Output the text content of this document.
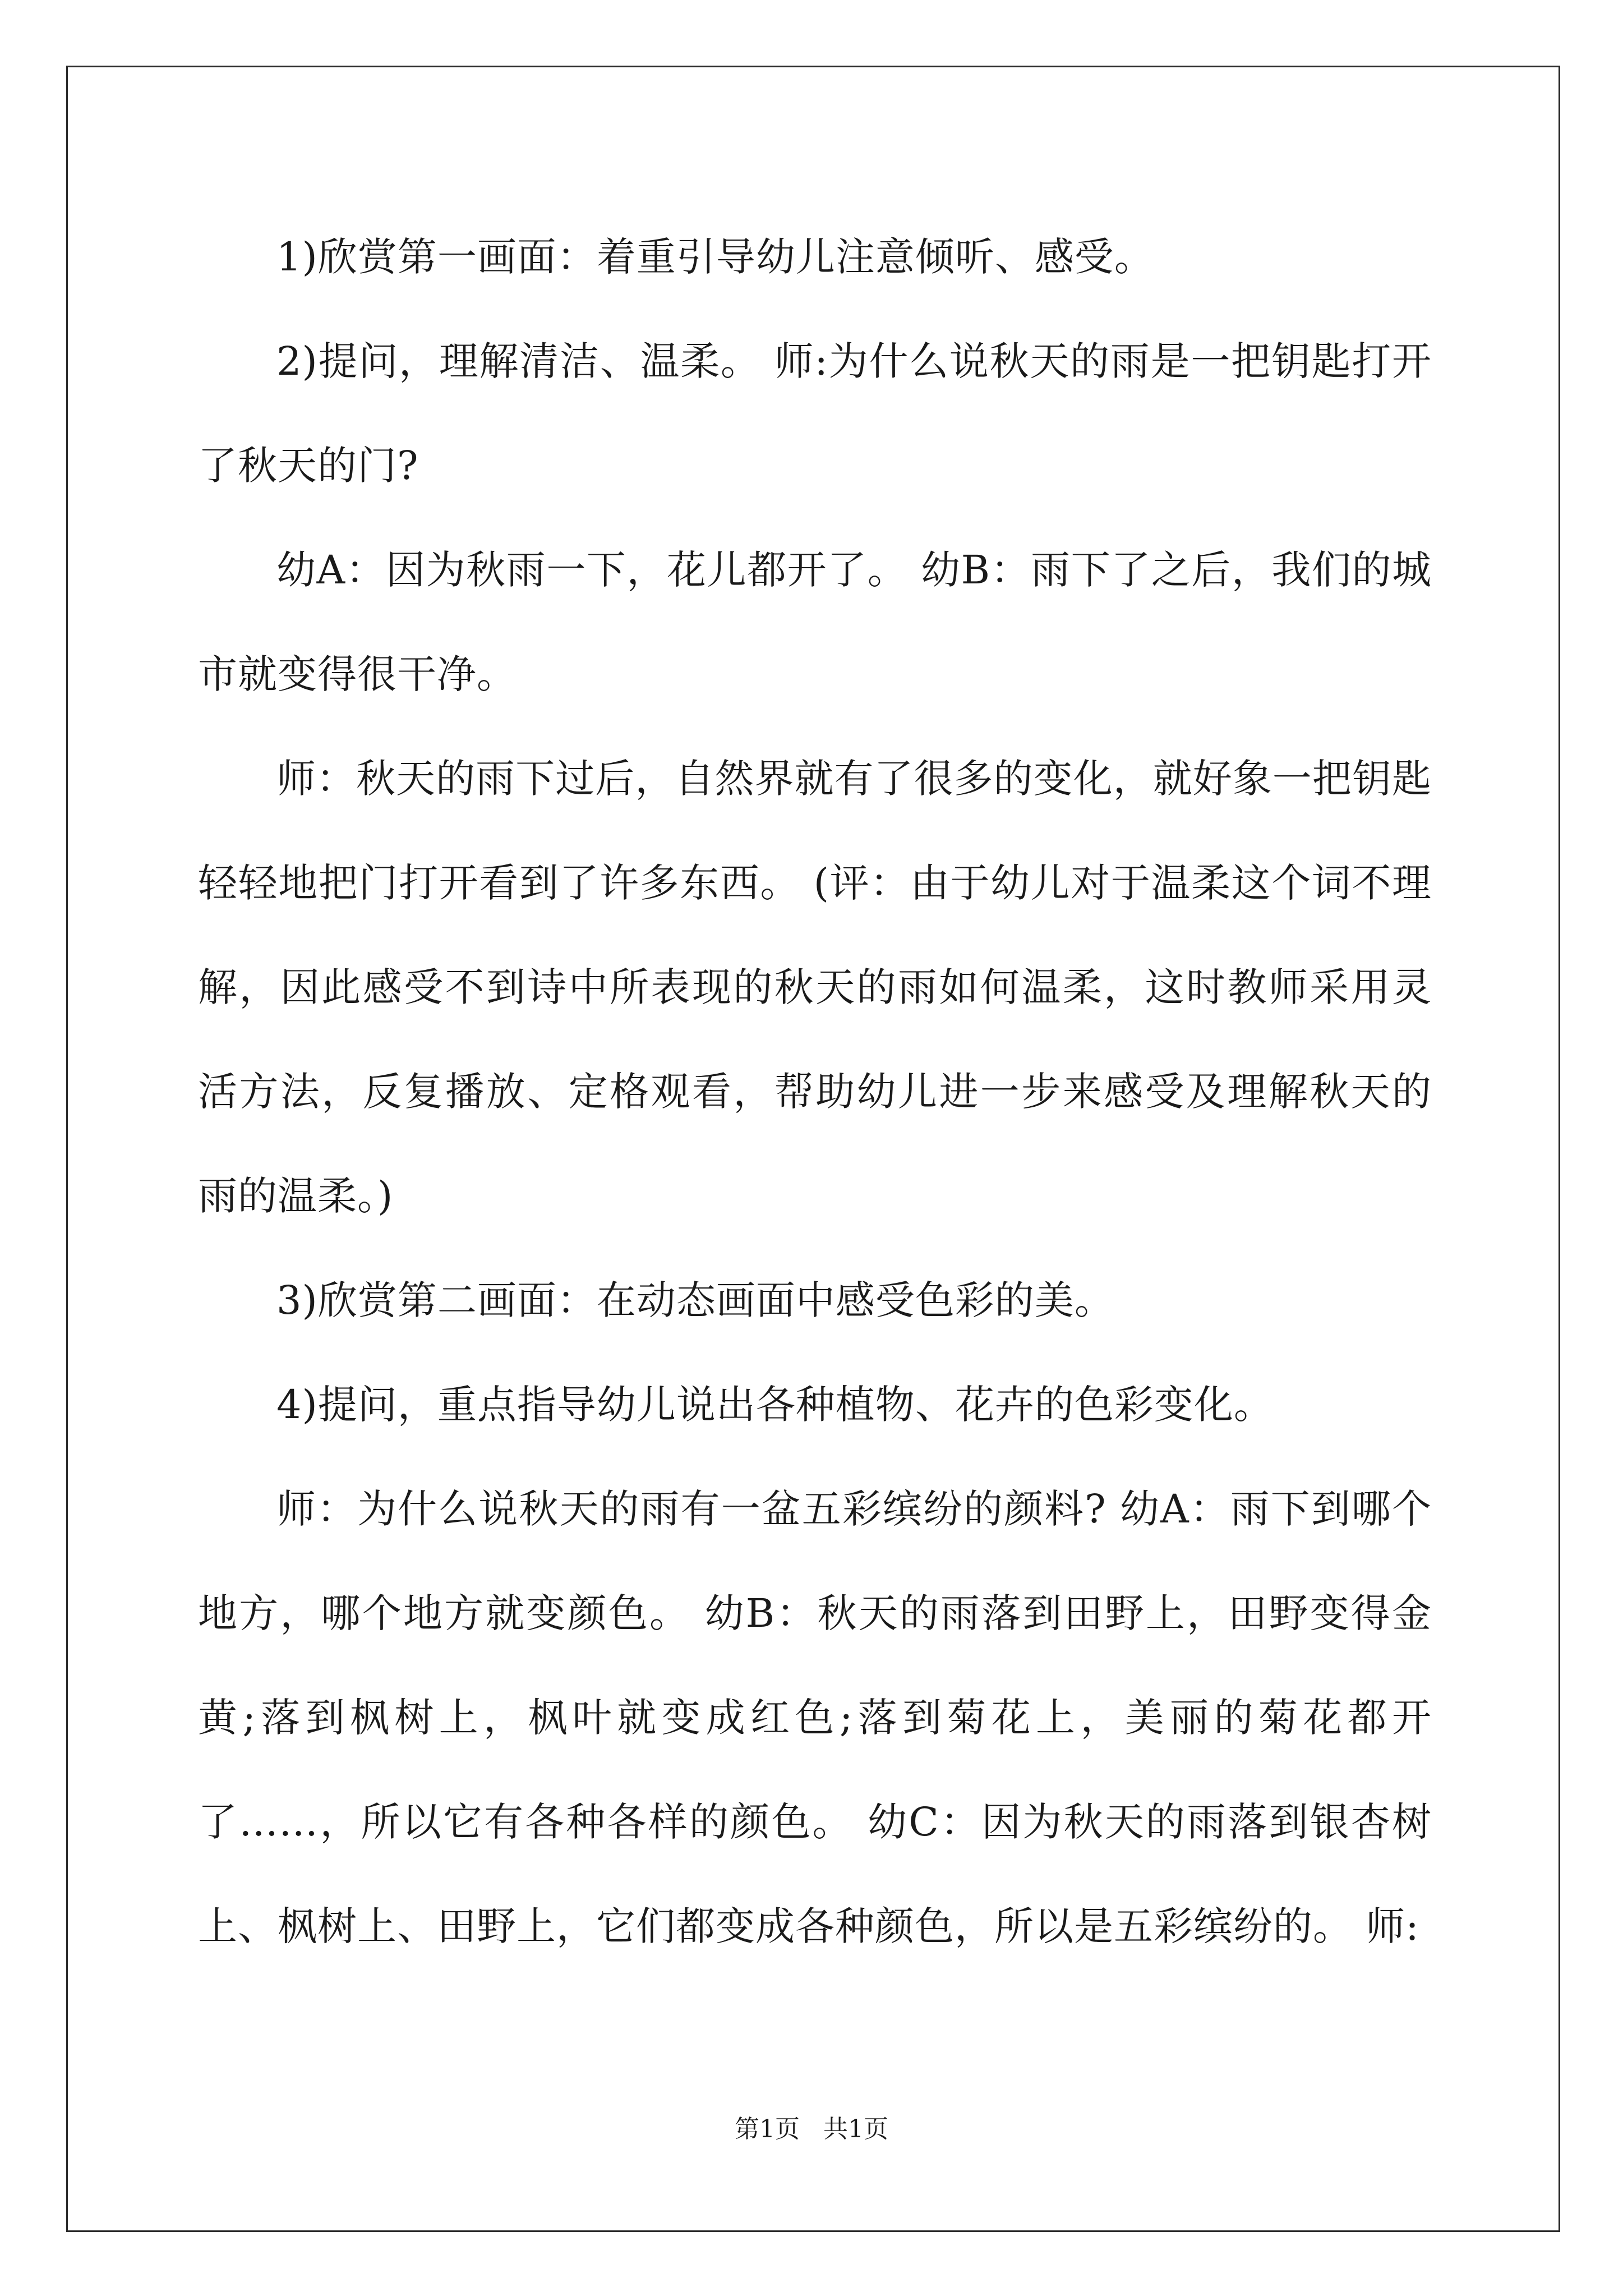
1)欣赏第一画面：着重引导幼儿注意倾听、感受。

2)提问，理解清洁、温柔。 师:为什么说秋天的雨是一把钥匙打开了秋天的门?

幼A：因为秋雨一下，花儿都开了。 幼B：雨下了之后，我们的城市就变得很干净。

师：秋天的雨下过后，自然界就有了很多的变化，就好象一把钥匙轻轻地把门打开看到了许多东西。 (评：由于幼儿对于温柔这个词不理解，因此感受不到诗中所表现的秋天的雨如何温柔，这时教师采用灵活方法，反复播放、定格观看，帮助幼儿进一步来感受及理解秋天的雨的温柔。)

3)欣赏第二画面：在动态画面中感受色彩的美。

4)提问，重点指导幼儿说出各种植物、花卉的色彩变化。

师：为什么说秋天的雨有一盆五彩缤纷的颜料? 幼A：雨下到哪个地方，哪个地方就变颜色。 幼B：秋天的雨落到田野上，田野变得金黄;落到枫树上，枫叶就变成红色;落到菊花上，美丽的菊花都开了……，所以它有各种各样的颜色。 幼C：因为秋天的雨落到银杏树上、枫树上、田野上，它们都变成各种颜色，所以是五彩缤纷的。 师:

第1页 共1页
